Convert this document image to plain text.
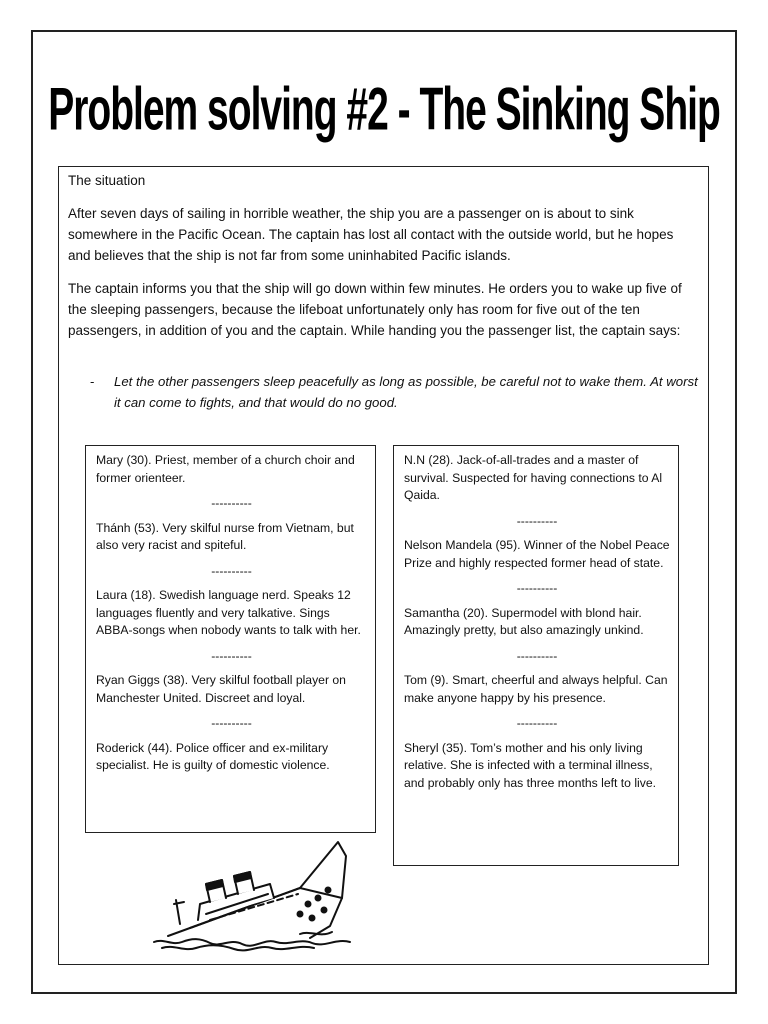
Problem solving #2 - The Sinking Ship
The situation

After seven days of sailing in horrible weather, the ship you are a passenger on is about to sink somewhere in the Pacific Ocean. The captain has lost all contact with the outside world, but he hopes and believes that the ship is not far from some uninhabited Pacific islands.

The captain informs you that the ship will go down within few minutes. He orders you to wake up five of the sleeping passengers, because the lifeboat unfortunately only has room for five out of the ten passengers, in addition of you and the captain. While handing you the passenger list, the captain says:

-	Let the other passengers sleep peacefully as long as possible, be careful not to wake them. At worst it can come to fights, and that would do no good.
Mary (30). Priest, member of a church choir and former orienteer.
----------
Thánh (53). Very skilful nurse from Vietnam, but also very racist and spiteful.
----------
Laura (18). Swedish language nerd. Speaks 12 languages fluently and very talkative. Sings ABBA-songs when nobody wants to talk with her.
----------
Ryan Giggs (38). Very skilful football player on Manchester United. Discreet and loyal.
----------
Roderick (44). Police officer and ex-military specialist. He is guilty of domestic violence.
N.N (28). Jack-of-all-trades and a master of survival. Suspected for having connections to Al Qaida.
----------
Nelson Mandela (95). Winner of the Nobel Peace Prize and highly respected former head of state.
----------
Samantha (20). Supermodel with blond hair. Amazingly pretty, but also amazingly unkind.
----------
Tom (9). Smart, cheerful and always helpful. Can make anyone happy by his presence.
----------
Sheryl (35). Tom’s mother and his only living relative. She is infected with a terminal illness, and probably only has three months left to live.
